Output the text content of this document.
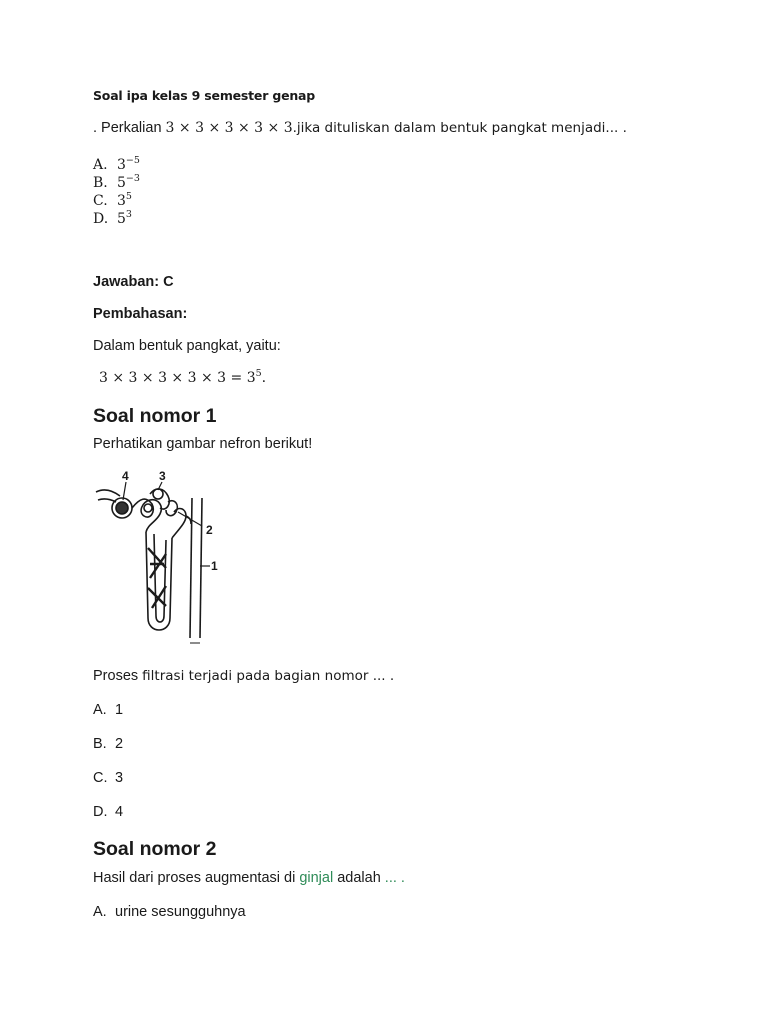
Soal ipa kelas 9 semester genap
. Perkalian 3 × 3 × 3 × 3 × 3.jika dituliskan dalam bentuk pangkat menjadi... .
A. $3^{-5}$
B. $5^{-3}$
C. $3^5$
D. $5^3$
Jawaban: C
Pembahasan:
Dalam bentuk pangkat, yaitu:
$3 \times 3 \times 3 \times 3 \times 3 = 3^5$.
Soal nomor 1
Perhatikan gambar nefron berikut!
4	3
2
1
Proses filtrasi terjadi pada bagian nomor ... .
A. 1
B. 2
C. 3
D. 4
Soal nomor 2
Hasil dari proses augmentasi di ginjal adalah ... .
A. urine sesungguhnya
